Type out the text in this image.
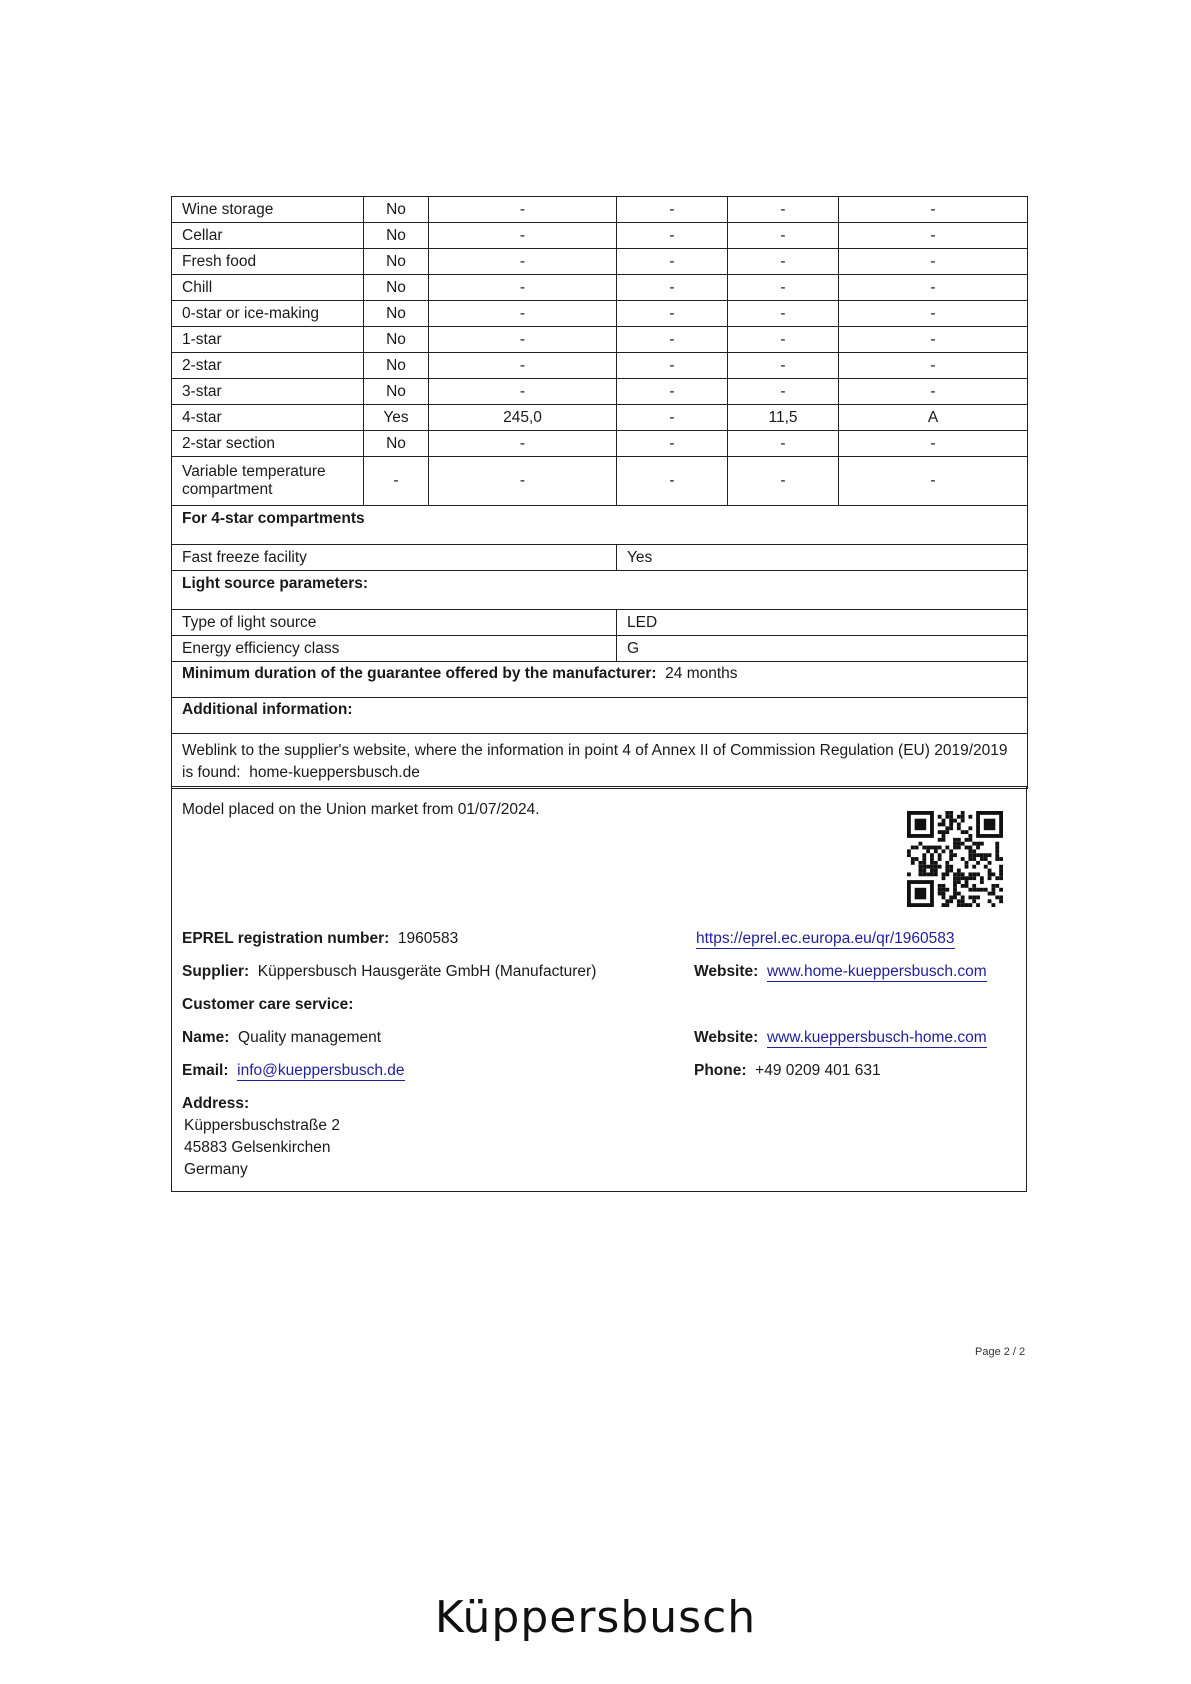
Wine storage	No	-	-	-	-
Cellar	No	-	-	-	-
Fresh food	No	-	-	-	-
Chill	No	-	-	-	-
0-star or ice-making	No	-	-	-	-
1-star	No	-	-	-	-
2-star	No	-	-	-	-
3-star	No	-	-	-	-
4-star	Yes	245,0	-	11,5	A
2-star section	No	-	-	-	-
Variable temperature compartment	-	-	-	-	-
For 4-star compartments					
Fast freeze facility			Yes		
Light source parameters:					
Type of light source			LED		
Energy efficiency class			G		
Minimum duration of the guarantee offered by the manufacturer: 24 months					
Additional information:					
Weblink to the supplier's website, where the information in point 4 of Annex II of Commission Regulation (EU) 2019/2019 is found: home-kueppersbusch.de					
Model placed on the Union market from 01/07/2024.
EPREL registration number: 1960583	https://eprel.ec.europa.eu/qr/1960583
Supplier: Küppersbusch Hausgeräte GmbH (Manufacturer)	Website: www.home-kueppersbusch.com
Customer care service:
Name: Quality management	Website: www.kueppersbusch-home.com
Email: info@kueppersbusch.de	Phone: +49 0209 401 631
Address:
Küppersbuschstraße 2
45883 Gelsenkirchen
Germany
Page 2 / 2
Küppersbusch
